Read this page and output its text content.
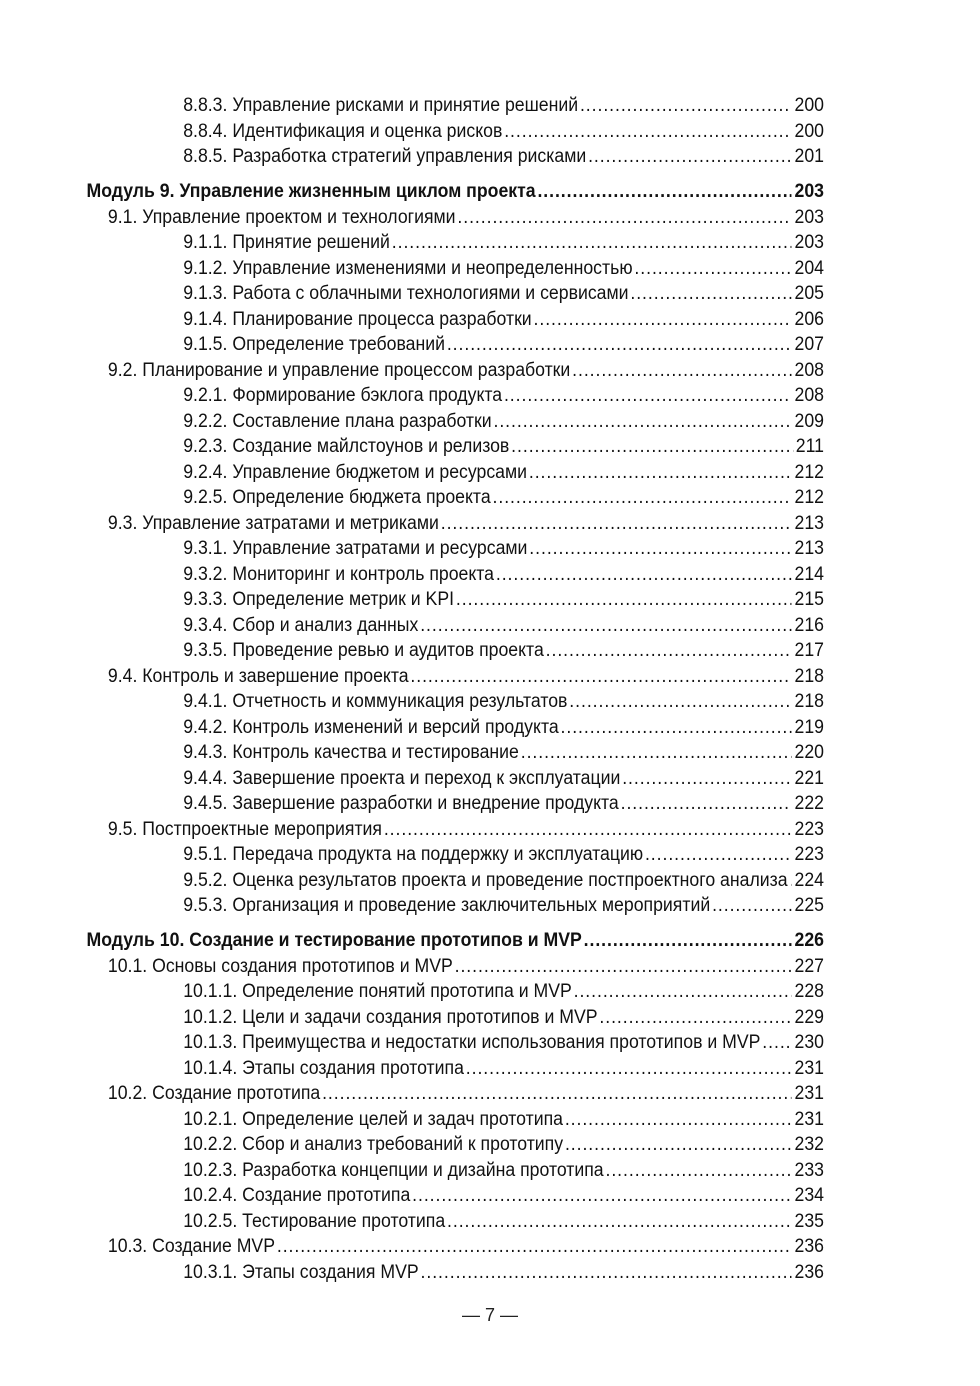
8.8.3. Управление рисками и принятие решений .....	200
8.8.4. Идентификация и оценка рисков .....	200
8.8.5. Разработка стратегий управления рисками .....	201
Модуль 9. Управление жизненным циклом проекта .....	203
9.1. Управление проектом и технологиями .....	203
9.1.1. Принятие решений .....	203
9.1.2. Управление изменениями и неопределенностью .....	204
9.1.3. Работа с облачными технологиями и сервисами .....	205
9.1.4. Планирование процесса разработки .....	206
9.1.5. Определение требований .....	207
9.2. Планирование и управление процессом разработки .....	208
9.2.1. Формирование бэклога продукта .....	208
9.2.2. Составление плана разработки .....	209
9.2.3. Создание майлстоунов и релизов .....	211
9.2.4. Управление бюджетом и ресурсами .....	212
9.2.5. Определение бюджета проекта .....	212
9.3. Управление затратами и метриками .....	213
9.3.1. Управление затратами и ресурсами .....	213
9.3.2. Мониторинг и контроль проекта .....	214
9.3.3. Определение метрик и KPI .....	215
9.3.4. Сбор и анализ данных .....	216
9.3.5. Проведение ревью и аудитов проекта .....	217
9.4. Контроль и завершение проекта .....	218
9.4.1. Отчетность и коммуникация результатов .....	218
9.4.2. Контроль изменений и версий продукта .....	219
9.4.3. Контроль качества и тестирование .....	220
9.4.4. Завершение проекта и переход к эксплуатации .....	221
9.4.5. Завершение разработки и внедрение продукта .....	222
9.5. Постпроектные мероприятия .....	223
9.5.1. Передача продукта на поддержку и эксплуатацию .....	223
9.5.2. Оценка результатов проекта и проведение постпроектного анализа ..... 224
9.5.3. Организация и проведение заключительных мероприятий .....	225
Модуль 10. Создание и тестирование прототипов и MVP .....	226
10.1. Основы создания прототипов и MVP .....	227
10.1.1. Определение понятий прототипа и MVP .....	228
10.1.2. Цели и задачи создания прототипов и MVP .....	229
10.1.3. Преимущества и недостатки использования прототипов и MVP ..... 230
10.1.4. Этапы создания прототипа .....	231
10.2. Создание прототипа .....	231
10.2.1. Определение целей и задач прототипа .....	231
10.2.2. Сбор и анализ требований к прототипу .....	232
10.2.3. Разработка концепции и дизайна прототипа .....	233
10.2.4. Создание прототипа .....	234
10.2.5. Тестирование прототипа .....	235
10.3. Создание MVP .....	236
10.3.1. Этапы создания MVP .....	236
— 7 —
